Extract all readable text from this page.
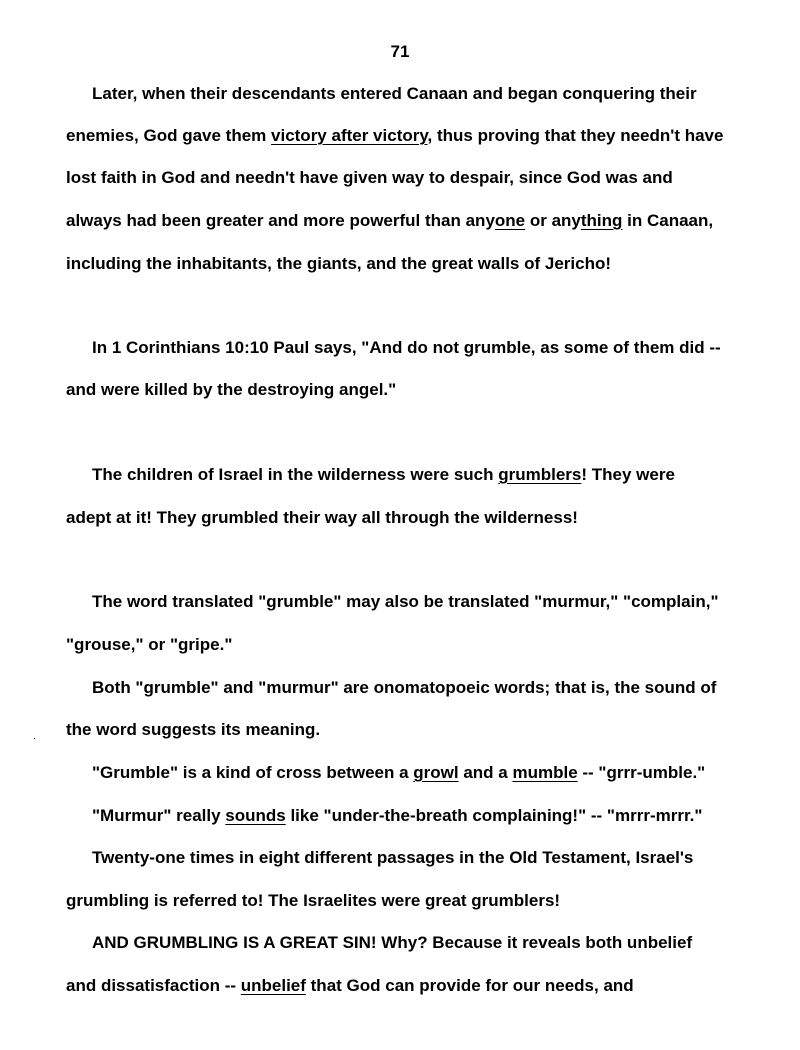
71
Later, when their descendants entered Canaan and began conquering their
enemies, God gave them victory after victory, thus proving that they needn't have
lost faith in God and needn't have given way to despair, since God was and
always had been greater and more powerful than anyone or anything in Canaan,
including the inhabitants, the giants, and the great walls of Jericho!
In 1 Corinthians 10:10 Paul says, "And do not grumble, as some of them did --
and were killed by the destroying angel."
The children of Israel in the wilderness were such grumblers! They were
adept at it! They grumbled their way all through the wilderness!
The word translated "grumble" may also be translated "murmur," "complain,"
"grouse," or "gripe."
Both "grumble" and "murmur" are onomatopoeic words; that is, the sound of
the word suggests its meaning.
"Grumble" is a kind of cross between a growl and a mumble -- "grrr-umble."
"Murmur" really sounds like "under-the-breath complaining!" -- "mrrr-mrrr."
Twenty-one times in eight different passages in the Old Testament, Israel's
grumbling is referred to! The Israelites were great grumblers!
AND GRUMBLING IS A GREAT SIN! Why? Because it reveals both unbelief
and dissatisfaction -- unbelief that God can provide for our needs, and
